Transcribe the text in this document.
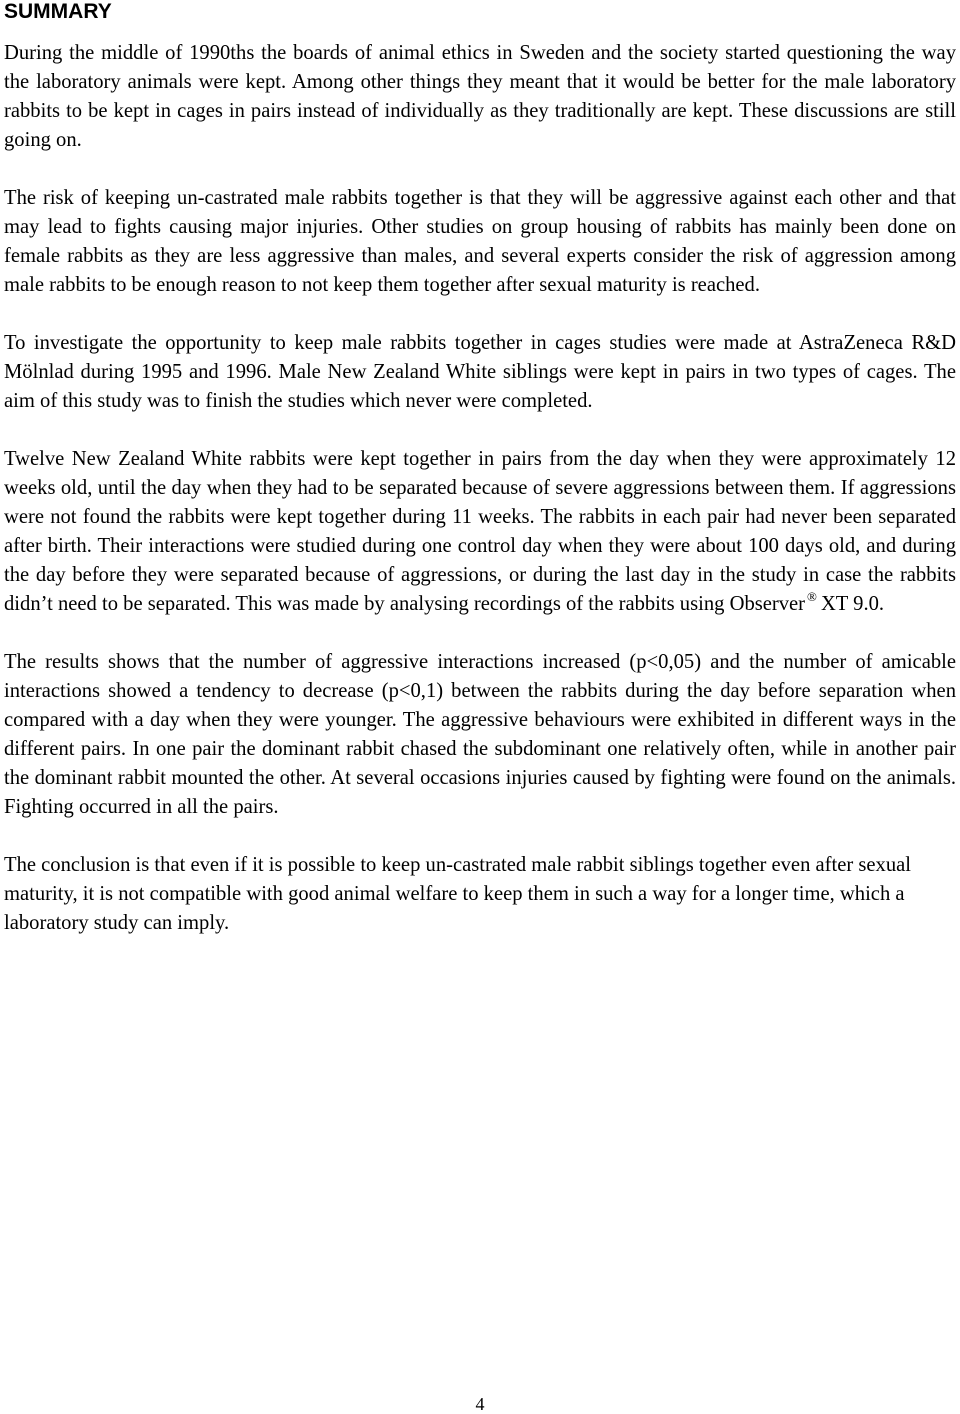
SUMMARY

During the middle of 1990ths the boards of animal ethics in Sweden and the society started questioning the way the laboratory animals were kept. Among other things they meant that it would be better for the male laboratory rabbits to be kept in cages in pairs instead of individually as they traditionally are kept. These discussions are still going on.

The risk of keeping un-castrated male rabbits together is that they will be aggressive against each other and that may lead to fights causing major injuries. Other studies on group housing of rabbits has mainly been done on female rabbits as they are less aggressive than males, and several experts consider the risk of aggression among male rabbits to be enough reason to not keep them together after sexual maturity is reached.

To investigate the opportunity to keep male rabbits together in cages studies were made at AstraZeneca R&D Mölnlad during 1995 and 1996. Male New Zealand White siblings were kept in pairs in two types of cages. The aim of this study was to finish the studies which never were completed.

Twelve New Zealand White rabbits were kept together in pairs from the day when they were approximately 12 weeks old, until the day when they had to be separated because of severe aggressions between them. If aggressions were not found the rabbits were kept together during 11 weeks. The rabbits in each pair had never been separated after birth. Their interactions were studied during one control day when they were about 100 days old, and during the day before they were separated because of aggressions, or during the last day in the study in case the rabbits didn’t need to be separated. This was made by analysing recordings of the rabbits using Observer ® XT 9.0.

The results shows that the number of aggressive interactions increased (p<0,05) and the number of amicable interactions showed a tendency to decrease (p<0,1) between the rabbits during the day before separation when compared with a day when they were younger. The aggressive behaviours were exhibited in different ways in the different pairs. In one pair the dominant rabbit chased the subdominant one relatively often, while in another pair the dominant rabbit mounted the other. At several occasions injuries caused by fighting were found on the animals. Fighting occurred in all the pairs.

The conclusion is that even if it is possible to keep un-castrated male rabbit siblings together even after sexual maturity, it is not compatible with good animal welfare to keep them in such a way for a longer time, which a laboratory study can imply.

4
